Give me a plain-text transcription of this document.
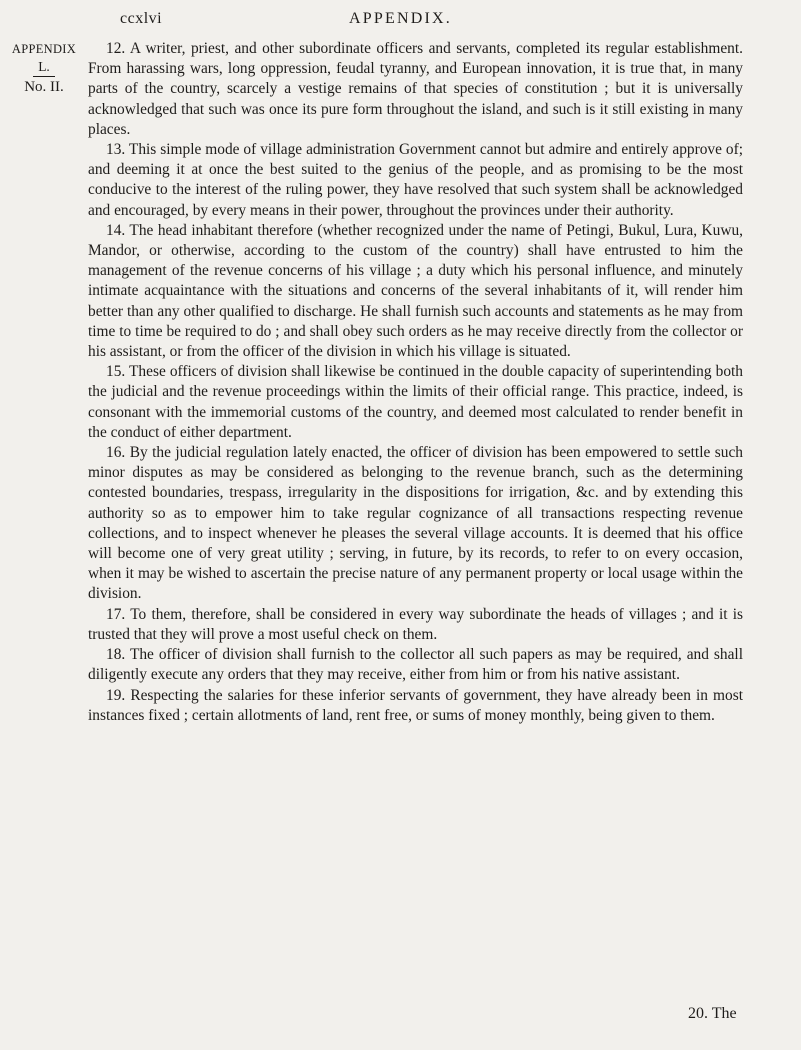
ccxlvi	APPENDIX.
APPENDIX
L.
No. II.

12. A writer, priest, and other subordinate officers and servants, completed its regular establishment. From harassing wars, long oppression, feudal tyranny, and European innovation, it is true that, in many parts of the country, scarcely a vestige remains of that species of constitution ; but it is universally acknowledged that such was once its pure form throughout the island, and such is it still existing in many places.

13. This simple mode of village administration Government cannot but admire and entirely approve of; and deeming it at once the best suited to the genius of the people, and as promising to be the most conducive to the interest of the ruling power, they have resolved that such system shall be acknowledged and encouraged, by every means in their power, throughout the provinces under their authority.

14. The head inhabitant therefore (whether recognized under the name of Petingi, Bukul, Lura, Kuwu, Mandor, or otherwise, according to the custom of the country) shall have entrusted to him the management of the revenue concerns of his village ; a duty which his personal influence, and minutely intimate acquaintance with the situations and concerns of the several inhabitants of it, will render him better than any other qualified to discharge. He shall furnish such accounts and statements as he may from time to time be required to do ; and shall obey such orders as he may receive directly from the collector or his assistant, or from the officer of the division in which his village is situated.

15. These officers of division shall likewise be continued in the double capacity of superintending both the judicial and the revenue proceedings within the limits of their official range. This practice, indeed, is consonant with the immemorial customs of the country, and deemed most calculated to render benefit in the conduct of either department.

16. By the judicial regulation lately enacted, the officer of division has been empowered to settle such minor disputes as may be considered as belonging to the revenue branch, such as the determining contested boundaries, trespass, irregularity in the dispositions for irrigation, &c. and by extending this authority so as to empower him to take regular cognizance of all transactions respecting revenue collections, and to inspect whenever he pleases the several village accounts. It is deemed that his office will become one of very great utility ; serving, in future, by its records, to refer to on every occasion, when it may be wished to ascertain the precise nature of any permanent property or local usage within the division.

17. To them, therefore, shall be considered in every way subordinate the heads of villages ; and it is trusted that they will prove a most useful check on them.

18. The officer of division shall furnish to the collector all such papers as may be required, and shall diligently execute any orders that they may receive, either from him or from his native assistant.

19. Respecting the salaries for these inferior servants of government, they have already been in most instances fixed ; certain allotments of land, rent free, or sums of money monthly, being given to them.

20. The
